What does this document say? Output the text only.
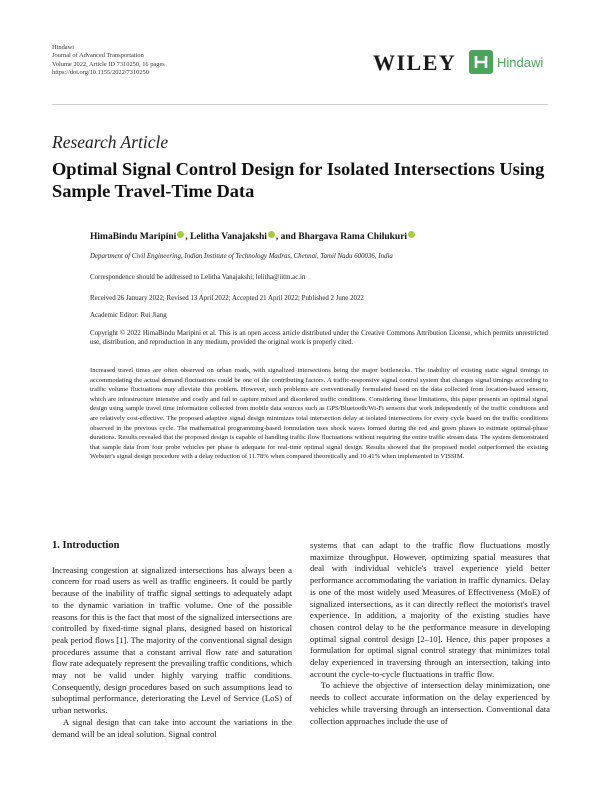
Hindawi
Journal of Advanced Transportation
Volume 2022, Article ID 7310250, 16 pages
https://doi.org/10.1155/2022/7310250	WILEY	Hindawi
Research Article
Optimal Signal Control Design for Isolated Intersections Using Sample Travel-Time Data
HimaBindu Maripini , Lelitha Vanajakshi , and Bhargava Rama Chilukuri
Department of Civil Engineering, Indian Institute of Technology Madras, Chennai, Tamil Nadu 600036, India
Correspondence should be addressed to Lelitha Vanajakshi; lelitha@iitm.ac.in
Received 26 January 2022; Revised 13 April 2022; Accepted 21 April 2022; Published 2 June 2022
Academic Editor: Rui Jiang
Copyright © 2022 HimaBindu Maripini et al. This is an open access article distributed under the Creative Commons Attribution License, which permits unrestricted use, distribution, and reproduction in any medium, provided the original work is properly cited.
Increased travel times are often observed on urban roads, with signalized intersections being the major bottlenecks. The inability of existing static signal timings in accommodating the actual demand fluctuations could be one of the contributing factors. A traffic-responsive signal control system that changes signal timings according to traffic volume fluctuations may alleviate this problem. However, such problems are conventionally formulated based on the data collected from location-based sensors, which are infrastructure intensive and costly and fail to capture mixed and disordered traffic conditions. Considering these limitations, this paper presents an optimal signal design using sample travel time information collected from mobile data sources such as GPS/Bluetooth/Wi-Fi sensors that work independently of the traffic conditions and are relatively cost-effective. The proposed adaptive signal design minimizes total intersection delay at isolated intersections for every cycle based on the traffic conditions observed in the previous cycle. The mathematical programming-based formulation uses shock waves formed during the red and green phases to estimate optimal-phase durations. Results revealed that the proposed design is capable of handling traffic flow fluctuations without requiring the entire traffic stream data. The system demonstrated that sample data from four probe vehicles per phase is adequate for real-time optimal signal design. Results showed that the proposed model outperformed the existing Webster's signal design procedure with a delay reduction of 11.78% when compared theoretically and 10.41% when implemented in VISSIM.

1. Introduction

Increasing congestion at signalized intersections has always been a concern for road users as well as traffic engineers. It could be partly because of the inability of traffic signal settings to adequately adapt to the dynamic variation in traffic volume. One of the possible reasons for this is the fact that most of the signalized intersections are controlled by fixed-time signal plans, designed based on historical peak period flows [1]. The majority of the conventional signal design procedures assume that a constant arrival flow rate and saturation flow rate adequately represent the prevailing traffic conditions, which may not be valid under highly varying traffic conditions. Consequently, design procedures based on such assumptions lead to suboptimal performance, deteriorating the Level of Service (LoS) of urban networks.

A signal design that can take into account the variations in the demand will be an ideal solution. Signal control

systems that can adapt to the traffic flow fluctuations mostly maximize throughput. However, optimizing spatial measures that deal with individual vehicle's travel experience yield better performance accommodating the variation in traffic dynamics. Delay is one of the most widely used Measures of Effectiveness (MoE) of signalized intersections, as it can directly reflect the motorist's travel experience. In addition, a majority of the existing studies have chosen control delay to be the performance measure in developing optimal signal control design [2–10]. Hence, this paper proposes a formulation for optimal signal control strategy that minimizes total delay experienced in traversing through an intersection, taking into account the cycle-to-cycle fluctuations in traffic flow.

To achieve the objective of intersection delay minimization, one needs to collect accurate information on the delay experienced by vehicles while traversing through an intersection. Conventional data collection approaches include the use of
